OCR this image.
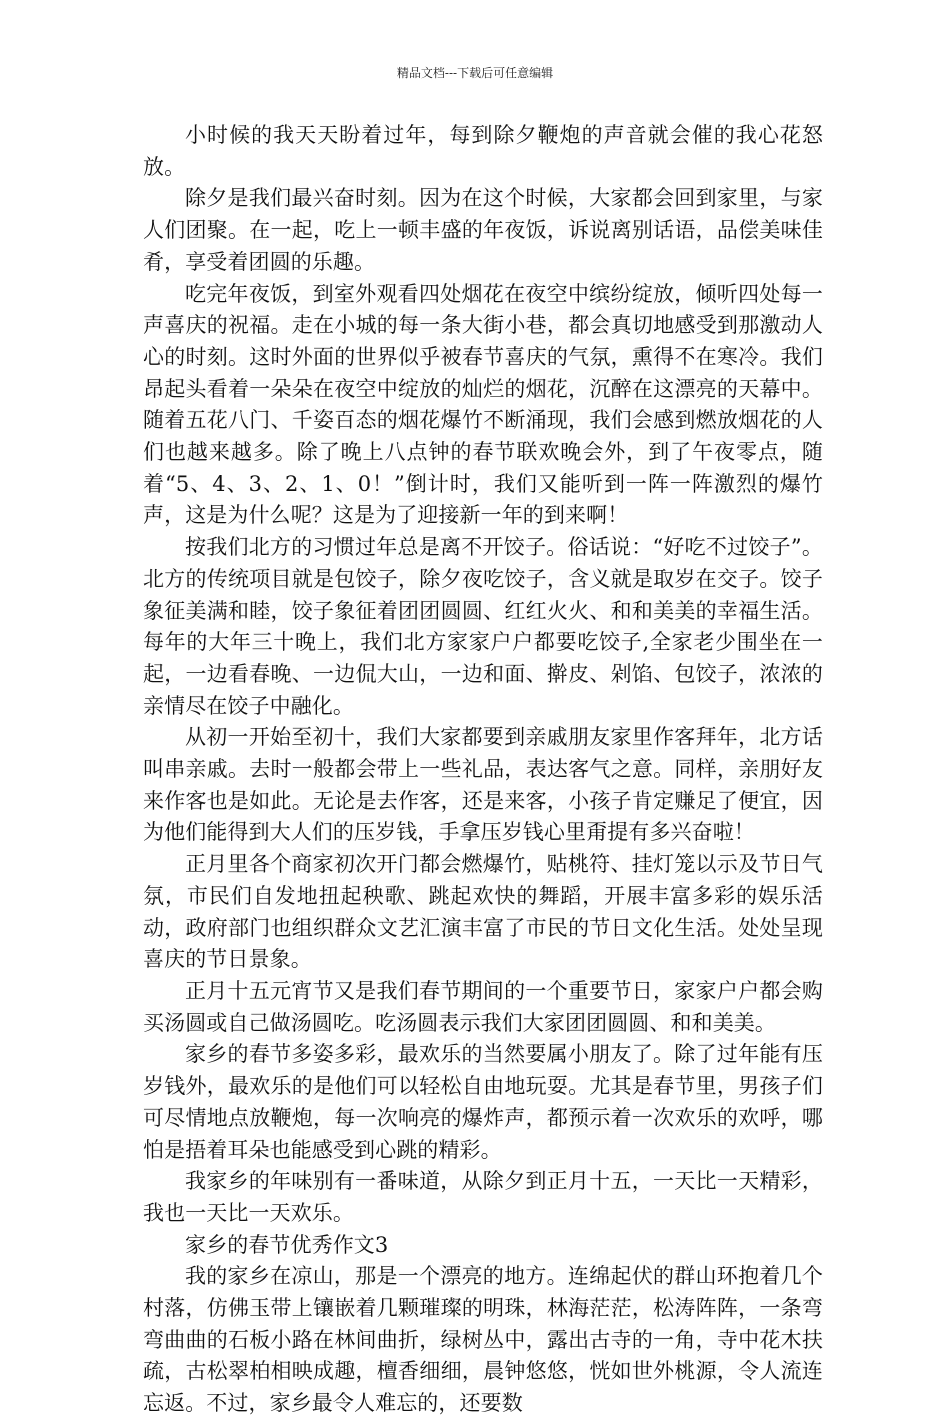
精品文档---下载后可任意编辑

小时候的我天天盼着过年，每到除夕鞭炮的声音就会催的我心花怒放。

除夕是我们最兴奋时刻。因为在这个时候，大家都会回到家里，与家人们团聚。在一起，吃上一顿丰盛的年夜饭，诉说离别话语，品偿美味佳肴，享受着团圆的乐趣。

吃完年夜饭，到室外观看四处烟花在夜空中缤纷绽放，倾听四处每一声喜庆的祝福。走在小城的每一条大街小巷，都会真切地感受到那激动人心的时刻。这时外面的世界似乎被春节喜庆的气氛，熏得不在寒冷。我们昂起头看着一朵朵在夜空中绽放的灿烂的烟花，沉醉在这漂亮的天幕中。随着五花八门、千姿百态的烟花爆竹不断涌现，我们会感到燃放烟花的人们也越来越多。除了晚上八点钟的春节联欢晚会外，到了午夜零点，随着“5、4、3、2、1、0！”倒计时，我们又能听到一阵一阵激烈的爆竹声，这是为什么呢？这是为了迎接新一年的到来啊！

按我们北方的习惯过年总是离不开饺子。俗话说：“好吃不过饺子”。北方的传统项目就是包饺子，除夕夜吃饺子，含义就是取岁在交子。饺子象征美满和睦，饺子象征着团团圆圆、红红火火、和和美美的幸福生活。每年的大年三十晚上，我们北方家家户户都要吃饺子,全家老少围坐在一起，一边看春晚、一边侃大山，一边和面、擀皮、剁馅、包饺子，浓浓的亲情尽在饺子中融化。

从初一开始至初十，我们大家都要到亲戚朋友家里作客拜年，北方话叫串亲戚。去时一般都会带上一些礼品，表达客气之意。同样，亲朋好友来作客也是如此。无论是去作客，还是来客，小孩子肯定赚足了便宜，因为他们能得到大人们的压岁钱，手拿压岁钱心里甭提有多兴奋啦！

正月里各个商家初次开门都会燃爆竹，贴桃符、挂灯笼以示及节日气氛，市民们自发地扭起秧歌、跳起欢快的舞蹈，开展丰富多彩的娱乐活动，政府部门也组织群众文艺汇演丰富了市民的节日文化生活。处处呈现喜庆的节日景象。

正月十五元宵节又是我们春节期间的一个重要节日，家家户户都会购买汤圆或自己做汤圆吃。吃汤圆表示我们大家团团圆圆、和和美美。

家乡的春节多姿多彩，最欢乐的当然要属小朋友了。除了过年能有压岁钱外，最欢乐的是他们可以轻松自由地玩耍。尤其是春节里，男孩子们可尽情地点放鞭炮，每一次响亮的爆炸声，都预示着一次欢乐的欢呼，哪怕是捂着耳朵也能感受到心跳的精彩。

我家乡的年味别有一番味道，从除夕到正月十五，一天比一天精彩，我也一天比一天欢乐。

家乡的春节优秀作文3

我的家乡在凉山，那是一个漂亮的地方。连绵起伏的群山环抱着几个村落，仿佛玉带上镶嵌着几颗璀璨的明珠，林海茫茫，松涛阵阵，一条弯弯曲曲的石板小路在林间曲折，绿树丛中，露出古寺的一角，寺中花木扶疏，古松翠柏相映成趣，檀香细细，晨钟悠悠，恍如世外桃源，令人流连忘返。不过，家乡最令人难忘的，还要数
